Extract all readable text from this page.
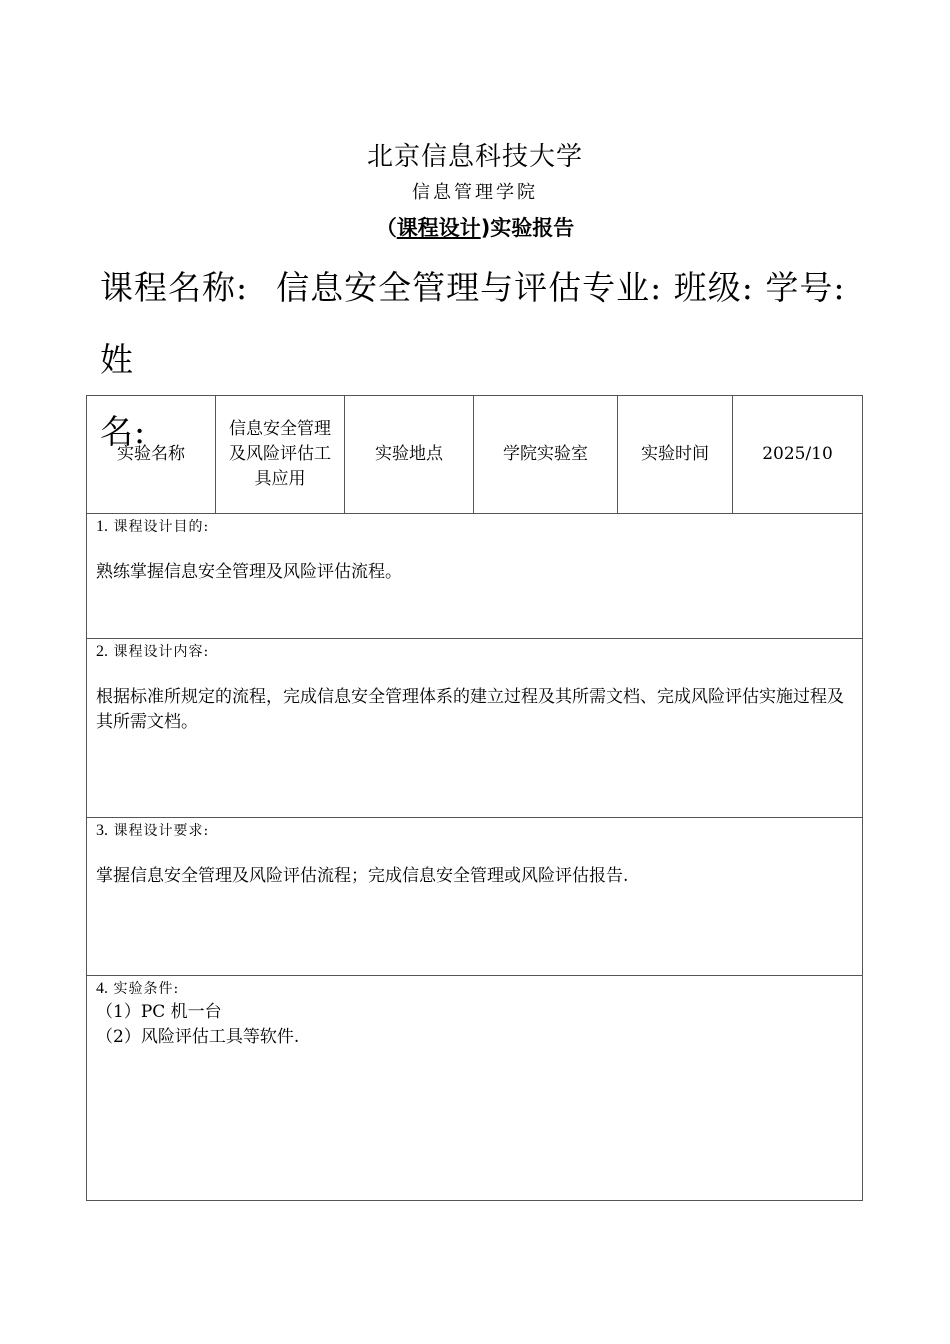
北京信息科技大学
信息管理学院
（课程设计)实验报告
课程名称: 信息安全管理与评估专业: 班级: 学号: 姓
名:
实验名称	信息安全管理及风险评估工具应用	实验地点	学院实验室	实验时间	2025/10

1. 课程设计目的:
熟练掌握信息安全管理及风险评估流程。

2. 课程设计内容:
根据标准所规定的流程，完成信息安全管理体系的建立过程及其所需文档、完成风险评估实施过程及其所需文档。

3. 课程设计要求:
掌握信息安全管理及风险评估流程；完成信息安全管理或风险评估报告.

4. 实验条件:
（1）PC 机一台
（2）风险评估工具等软件.
